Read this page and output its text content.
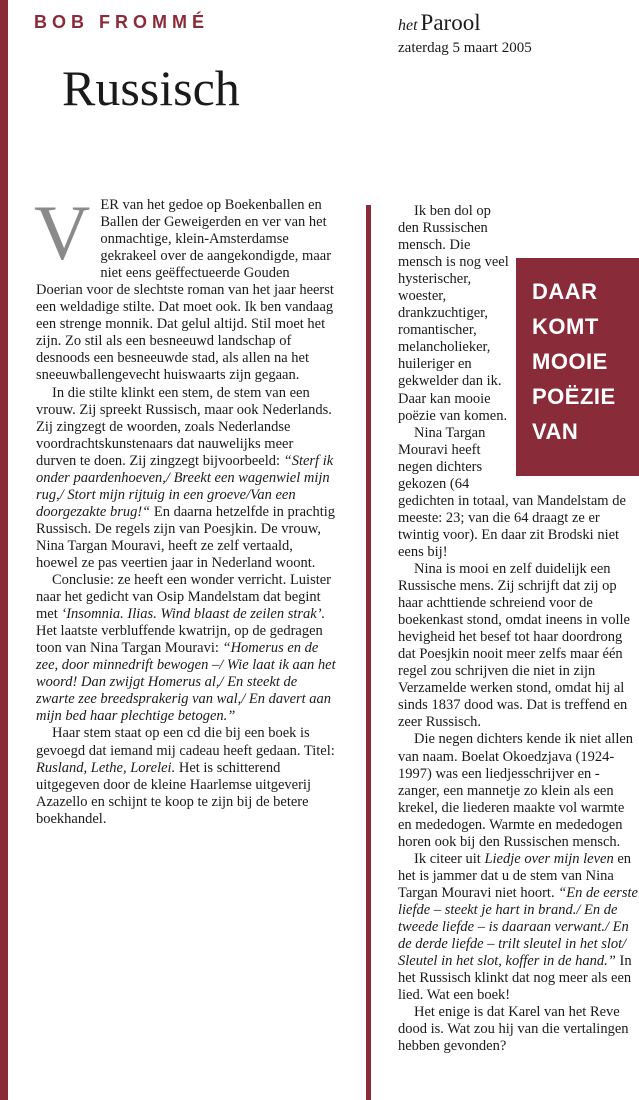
BOB FROMMÉ
Russisch
het Parool
zaterdag 5 maart 2005

VER van het gedoe op Boekenballen en Ballen der Geweigerden en ver van het onmachtige, klein-Amsterdamse gekrakeel over de aangekondigde, maar niet eens geëffectueerde Gouden Doerian voor de slechtste roman van het jaar heerst een weldadige stilte. Dat moet ook. Ik ben vandaag een strenge monnik. Dat gelul altijd. Stil moet het zijn. Zo stil als een besneeuwd landschap of desnoods een besneeuwde stad, als allen na het sneeuwballengevecht huiswaarts zijn gegaan.

In die stilte klinkt een stem, de stem van een vrouw. Zij spreekt Russisch, maar ook Nederlands. Zij zingzegt de woorden, zoals Nederlandse voordrachtskunstenaars dat nauwelijks meer durven te doen. Zij zingzegt bijvoorbeeld: “Sterf ik onder paardenhoeven,/ Breekt een wagenwiel mijn rug,/ Stort mijn rijtuig in een groeve/Van een doorgezakte brug!“ En daarna hetzelfde in prachtig Russisch. De regels zijn van Poesjkin. De vrouw, Nina Targan Mouravi, heeft ze zelf vertaald, hoewel ze pas veertien jaar in Nederland woont.

Conclusie: ze heeft een wonder verricht. Luister naar het gedicht van Osip Mandelstam dat begint met ‘Insomnia. Ilias. Wind blaast de zeilen strak’. Het laatste verbluffende kwatrijn, op de gedragen toon van Nina Targan Mouravi: “Homerus en de zee, door minnedrift bewogen –/ Wie laat ik aan het woord! Dan zwijgt Homerus al,/ En steekt de zwarte zee breedsprakerig van wal,/ En davert aan mijn bed haar plechtige betogen.”

Haar stem staat op een cd die bij een boek is gevoegd dat iemand mij cadeau heeft gedaan. Titel: Rusland, Lethe, Lorelei. Het is schitterend uitgegeven door de kleine Haarlemse uitgeverij Azazello en schijnt te koop te zijn bij de betere boekhandel.

Ik ben dol op den Russischen mensch. Die mensch is nog veel hysterischer, woester, drankzuchtiger, romantischer, melancholieker, huileriger en gekwelder dan ik. Daar kan mooie poëzie van komen.

Nina Targan Mouravi heeft negen dichters gekozen (64 gedichten in totaal, van Mandelstam de meeste: 23; van die 64 draagt ze er twintig voor). En daar zit Brodski niet eens bij!

Nina is mooi en zelf duidelijk een Russische mens. Zij schrijft dat zij op haar achttiende schreiend voor de boekenkast stond, omdat ineens in volle hevigheid het besef tot haar doordrong dat Poesjkin nooit meer zelfs maar één regel zou schrijven die niet in zijn Verzamelde werken stond, omdat hij al sinds 1837 dood was. Dat is treffend en zeer Russisch.

Die negen dichters kende ik niet allen van naam. Boelat Okoedzjava (1924-1997) was een liedjesschrijver en -zanger, een mannetje zo klein als een krekel, die liederen maakte vol warmte en mededogen. Warmte en mededogen horen ook bij den Russischen mensch.

Ik citeer uit Liedje over mijn leven en het is jammer dat u de stem van Nina Targan Mouravi niet hoort. “En de eerste liefde – steekt je hart in brand./ En de tweede liefde – is daaraan verwant./ En de derde liefde – trilt sleutel in het slot/ Sleutel in het slot, koffer in de hand.” In het Russisch klinkt dat nog meer als een lied. Wat een boek!

Het enige is dat Karel van het Reve dood is. Wat zou hij van die vertalingen hebben gevonden?

DAAR
KOMT
MOOIE
POËZIE
VAN
